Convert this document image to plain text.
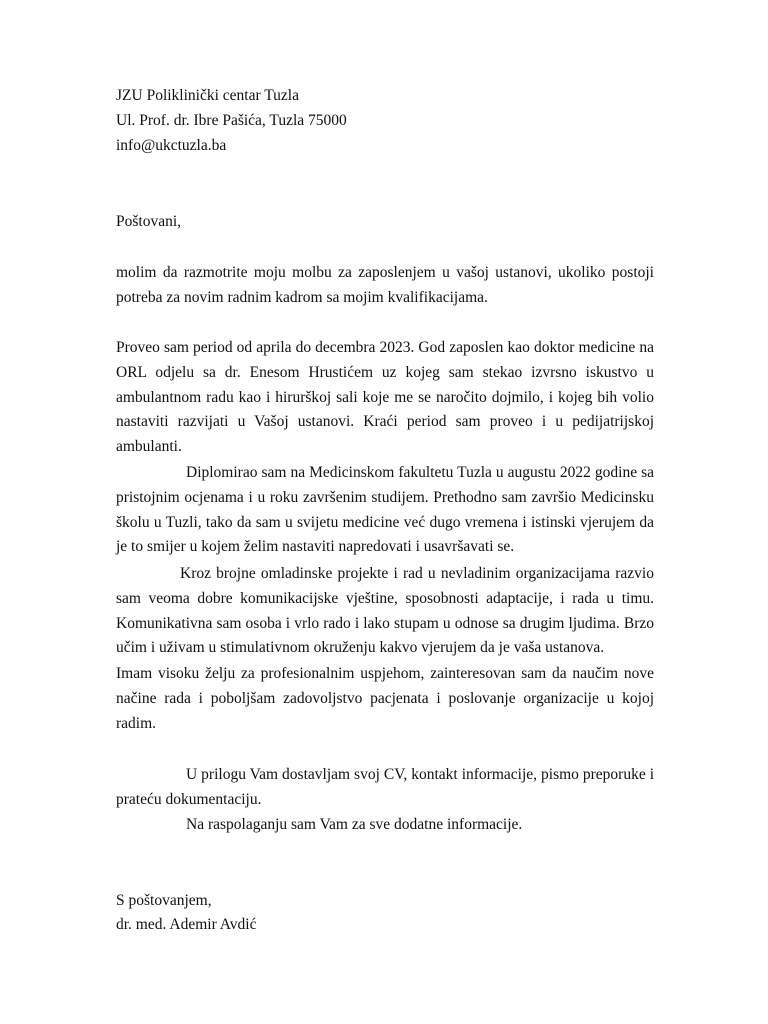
JZU Poliklinički centar Tuzla
Ul. Prof. dr. Ibre Pašića, Tuzla 75000
info@ukctuzla.ba
Poštovani,
molim da razmotrite moju molbu za zaposlenjem u vašoj ustanovi, ukoliko postoji potreba za novim radnim kadrom sa mojim kvalifikacijama.
Proveo sam period od aprila do decembra 2023. God zaposlen kao doktor medicine na ORL odjelu sa dr. Enesom Hrustićem uz kojeg sam stekao izvrsno iskustvo u ambulantnom radu kao i hirurškoj sali koje me se naročito dojmilo, i kojeg bih volio nastaviti razvijati u Vašoj ustanovi. Kraći period sam proveo i u pedijatrijskoj ambulanti.
Diplomirao sam na Medicinskom fakultetu Tuzla u augustu 2022 godine sa pristojnim ocjenama i u roku završenim studijem. Prethodno sam završio Medicinsku školu u Tuzli, tako da sam u svijetu medicine već dugo vremena i istinski vjerujem da je to smijer u kojem želim nastaviti napredovati i usavršavati se.
Kroz brojne omladinske projekte i rad u nevladinim organizacijama razvio sam veoma dobre komunikacijske vještine, sposobnosti adaptacije, i rada u timu. Komunikativna sam osoba i vrlo rado i lako stupam u odnose sa drugim ljudima. Brzo učim i uživam u stimulativnom okruženju kakvo vjerujem da je vaša ustanova.
Imam visoku želju za profesionalnim uspjehom, zainteresovan sam da naučim nove načine rada i poboljšam zadovoljstvo pacjenata i poslovanje organizacije u kojoj radim.
U prilogu Vam dostavljam svoj CV, kontakt informacije, pismo preporuke i prateću dokumentaciju.
Na raspolaganju sam Vam za sve dodatne informacije.
S poštovanjem,
dr. med. Ademir Avdić
